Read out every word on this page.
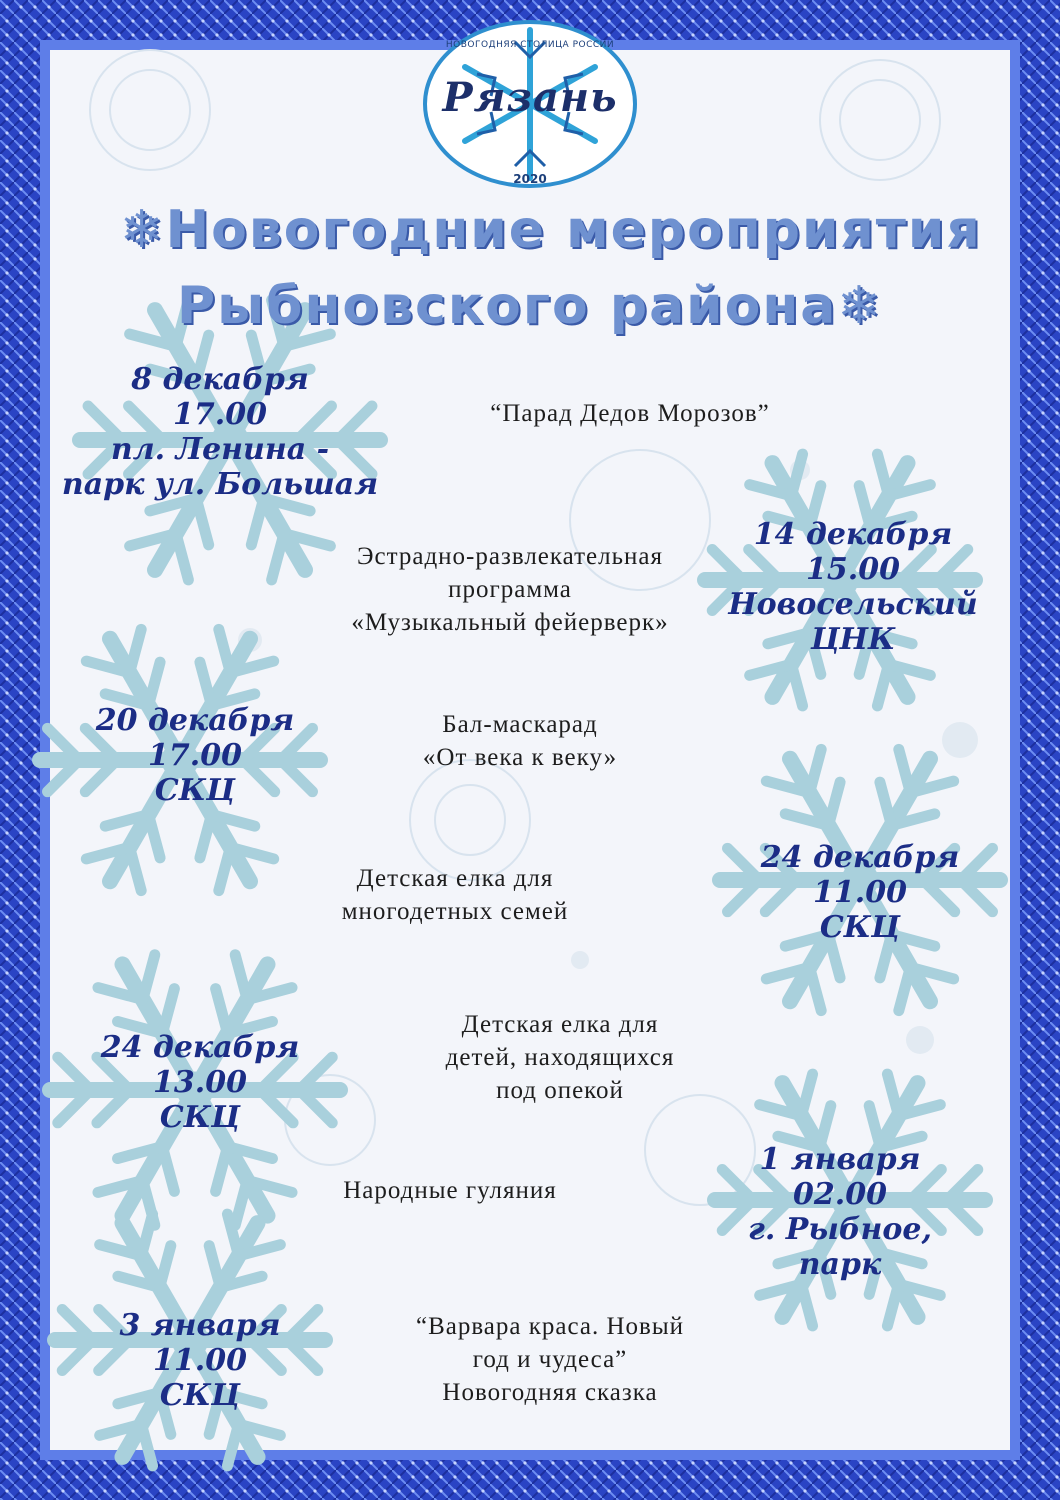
НОВОГОДНЯЯ СТОЛИЦА РОССИИ
Рязань
2020
❄Новогодние мероприятия
Рыбновского района❄
8 декабря
17.00
пл. Ленина -
парк ул. Большая
“Парад Дедов Морозов”
14 декабря
15.00
Новосельский
ЦНК
Эстрадно-развлекательная
программа
«Музыкальный фейерверк»
20 декабря
17.00
СКЦ
Бал-маскарад
«От века к веку»
24 декабря
11.00
СКЦ
Детская елка для
многодетных семей
24 декабря
13.00
СКЦ
Детская елка для
детей, находящихся
под опекой
1 января
02.00
г. Рыбное,
парк
Народные гуляния
3 января
11.00
СКЦ
“Варвара краса. Новый
год и чудеса”
Новогодняя сказка
